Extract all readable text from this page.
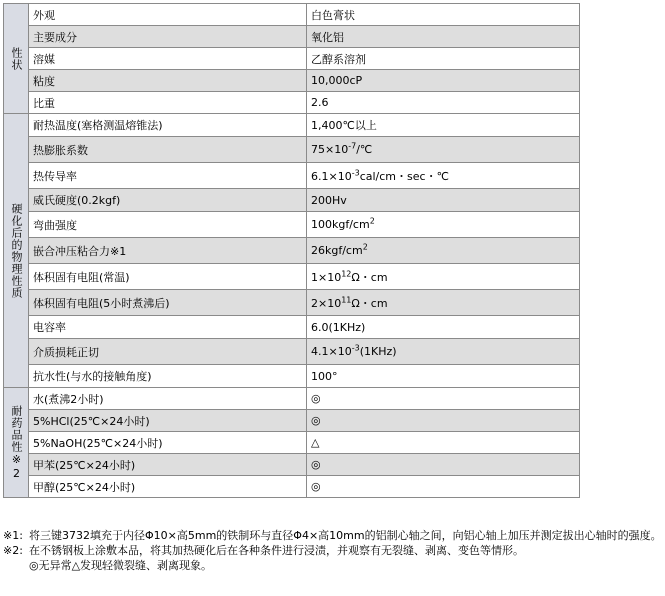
性状	外观	白色膏状
	主要成分	氧化铝
	溶媒	乙醇系溶剂
	粘度	10,000cP
	比重	2.6

硬化后的物理性质	耐热温度(塞格测温熔锥法)	1,400℃以上
	热膨胀系数	$75\times 10^{-7}/℃$
	热传导率	$6.1\times 10^{-3}cal/cm$・sec・℃
	威氏硬度(0.2kgf)	200Hv
	弯曲强度	$100kgf/cm^2$
	嵌合冲压粘合力※1	$26kgf/cm^2$
	体积固有电阻(常温)	$1\times 10^{12}\Omega$・cm
	体积固有电阻(5小时煮沸后)	$2\times 10^{11}\Omega$・cm
	电容率	6.0(1KHz)
	介质损耗正切	$4.1\times 10^{-3}(1KHz)$
	抗水性(与水的接触角度)	100°

耐药品性※2	水(煮沸2小时)	◎
	5%HCl(25℃×24小时)	◎
	5%NaOH(25℃×24小时)	△
	甲苯(25℃×24小时)	◎
	甲醇(25℃×24小时)	◎
※1: 将三键3732填充于内径Φ10×高5mm的铁制环与直径Φ4×高10mm的铝制心轴之间，向铝心轴上加压并测定拔出心轴时的强度。
※2: 在不锈钢板上涂敷本品，将其加热硬化后在各种条件进行浸渍，并观察有无裂缝、剥离、变色等情形。
◎无异常△发现轻微裂缝、剥离现象。
